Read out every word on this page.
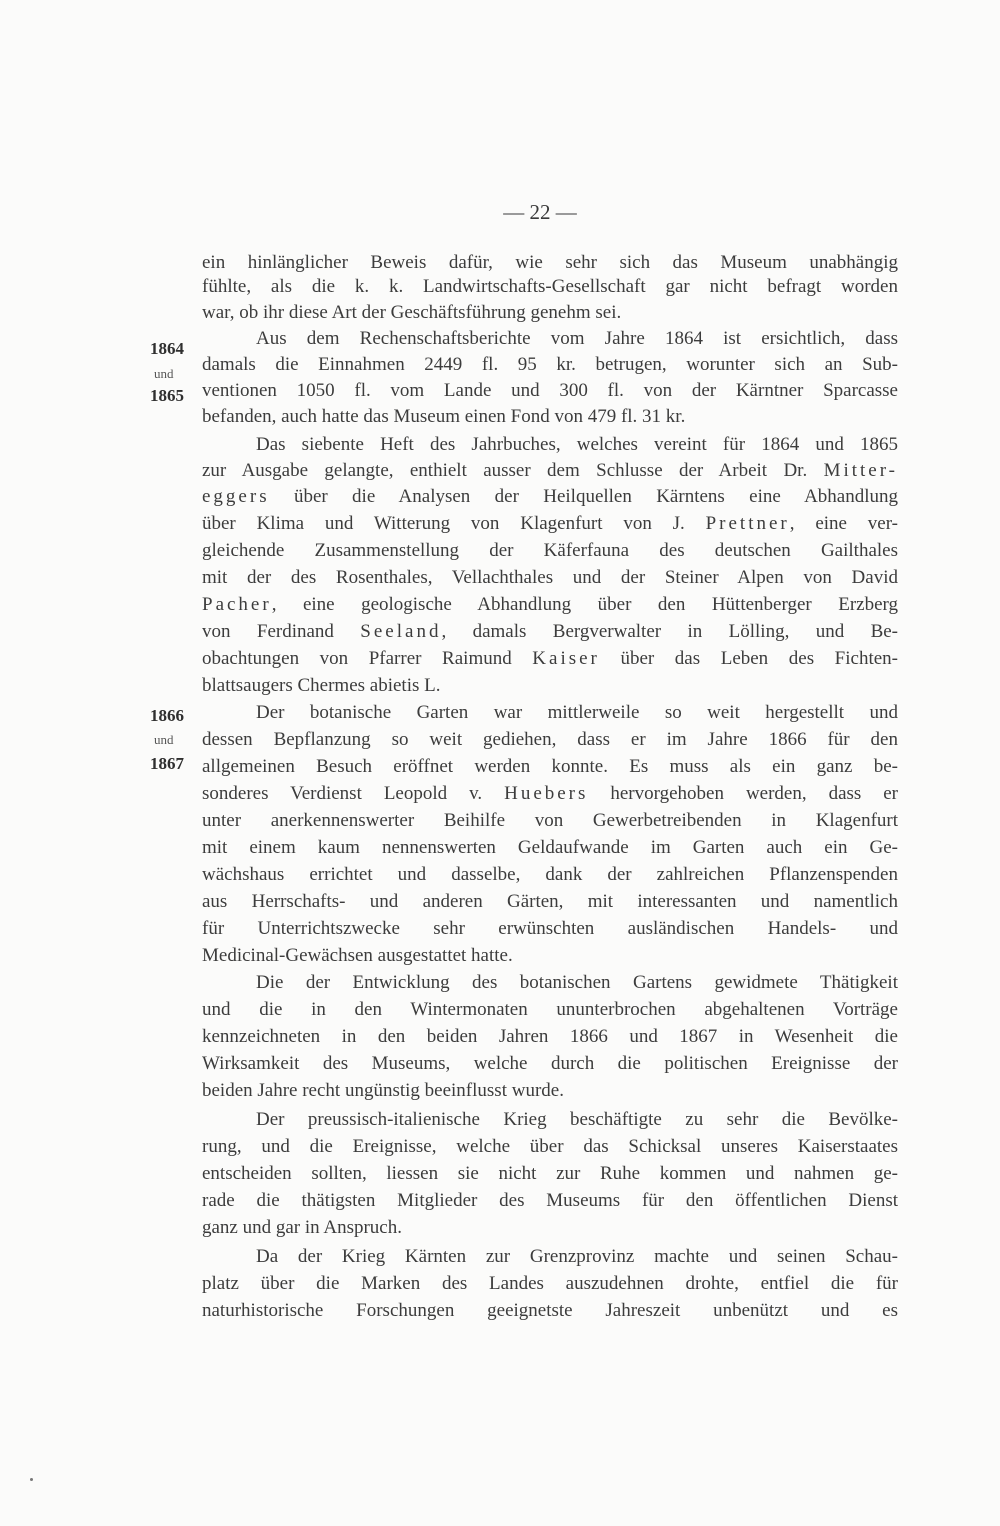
— 22 —
1864
und
1865
1866
und
1867
ein hinlänglicher Beweis dafür, wie sehr sich das Museum unabhängig
fühlte, als die k. k. Landwirtschafts-Gesellschaft gar nicht befragt worden
war, ob ihr diese Art der Geschäftsführung genehm sei.
Aus dem Rechenschaftsberichte vom Jahre 1864 ist ersichtlich, dass
damals die Einnahmen 2449 fl. 95 kr. betrugen, worunter sich an Sub-
ventionen 1050 fl. vom Lande und 300 fl. von der Kärntner Sparcasse
befanden, auch hatte das Museum einen Fond von 479 fl. 31 kr.
Das siebente Heft des Jahrbuches, welches vereint für 1864 und 1865
zur Ausgabe gelangte, enthielt ausser dem Schlusse der Arbeit Dr. Mitter-
eggers über die Analysen der Heilquellen Kärntens eine Abhandlung
über Klima und Witterung von Klagenfurt von J. Prettner, eine ver-
gleichende Zusammenstellung der Käferfauna des deutschen Gailthales
mit der des Rosenthales, Vellachthales und der Steiner Alpen von David
Pacher, eine geologische Abhandlung über den Hüttenberger Erzberg
von Ferdinand Seeland, damals Bergverwalter in Lölling, und Be-
obachtungen von Pfarrer Raimund Kaiser über das Leben des Fichten-
blattsaugers Chermes abietis L.
Der botanische Garten war mittlerweile so weit hergestellt und
dessen Bepflanzung so weit gediehen, dass er im Jahre 1866 für den
allgemeinen Besuch eröffnet werden konnte. Es muss als ein ganz be-
sonderes Verdienst Leopold v. Huebers hervorgehoben werden, dass er
unter anerkennenswerter Beihilfe von Gewerbetreibenden in Klagenfurt
mit einem kaum nennenswerten Geldaufwande im Garten auch ein Ge-
wächshaus errichtet und dasselbe, dank der zahlreichen Pflanzenspenden
aus Herrschafts- und anderen Gärten, mit interessanten und namentlich
für Unterrichtszwecke sehr erwünschten ausländischen Handels- und
Medicinal-Gewächsen ausgestattet hatte.
Die der Entwicklung des botanischen Gartens gewidmete Thätigkeit
und die in den Wintermonaten ununterbrochen abgehaltenen Vorträge
kennzeichneten in den beiden Jahren 1866 und 1867 in Wesenheit die
Wirksamkeit des Museums, welche durch die politischen Ereignisse der
beiden Jahre recht ungünstig beeinflusst wurde.
Der preussisch-italienische Krieg beschäftigte zu sehr die Bevölke-
rung, und die Ereignisse, welche über das Schicksal unseres Kaiserstaates
entscheiden sollten, liessen sie nicht zur Ruhe kommen und nahmen ge-
rade die thätigsten Mitglieder des Museums für den öffentlichen Dienst
ganz und gar in Anspruch.
Da der Krieg Kärnten zur Grenzprovinz machte und seinen Schau-
platz über die Marken des Landes auszudehnen drohte, entfiel die für
naturhistorische Forschungen geeignetste Jahreszeit unbenützt und es
